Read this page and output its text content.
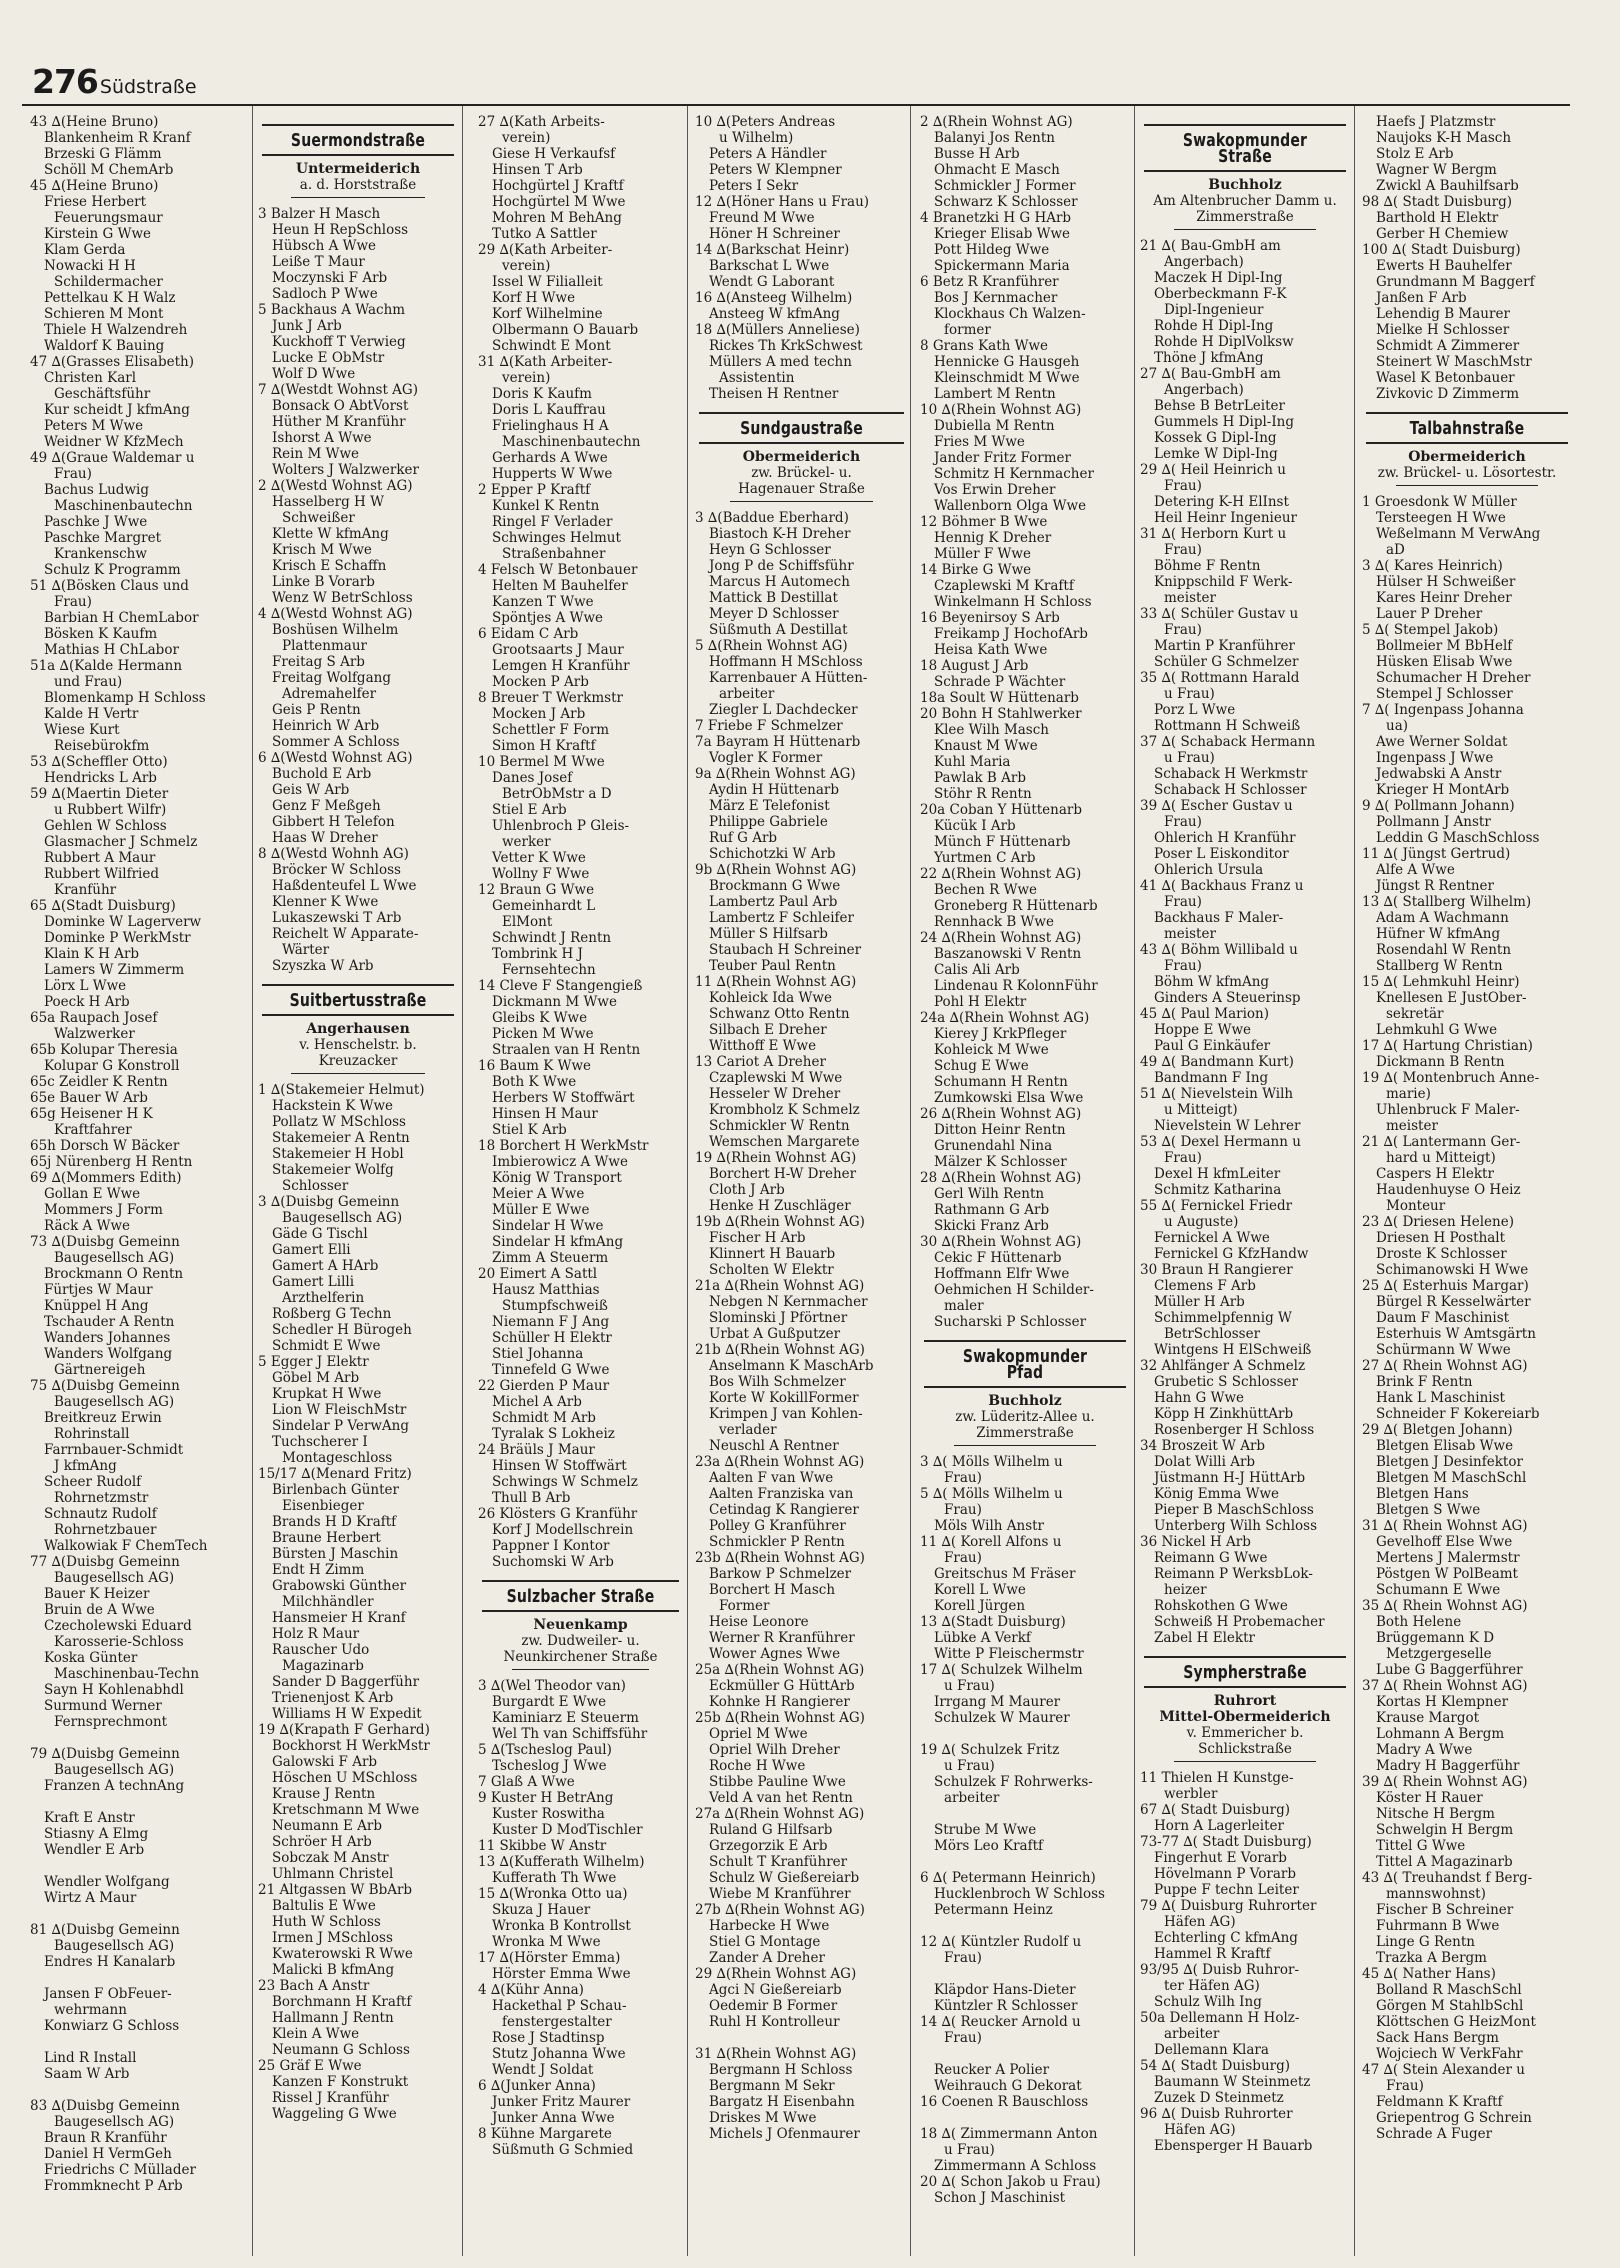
276 Südstraße
43 ∆(Heine Bruno)
Blankenheim R Kranf
Brzeski G Flämm
Schöll M ChemArb
45 ∆(Heine Bruno)
Friese Herbert
Feuerungsmaur
Kirstein G Wwe
Klam Gerda
Nowacki H H
Schildermacher
Pettelkau K H Walz
Schieren M Mont
Thiele H Walzendreh
Waldorf K Bauing
47 ∆(Grasses Elisabeth)
Christen Karl
Geschäftsführ
Kur scheidt J kfmAng
Peters M Wwe
Weidner W KfzMech
49 ∆(Graue Waldemar u
Frau)
Bachus Ludwig
Maschinenbautechn
Paschke J Wwe
Paschke Margret
Krankenschw
Schulz K Programm
51 ∆(Bösken Claus und
Frau)
Barbian H ChemLabor
Bösken K Kaufm
Mathias H ChLabor
51a ∆(Kalde Hermann
und Frau)
Blomenkamp H Schloss
Kalde H Vertr
Wiese Kurt
Reisebürokfm
53 ∆(Scheffler Otto)
Hendricks L Arb
59 ∆(Maertin Dieter
u Rubbert Wilfr)
Gehlen W Schloss
Glasmacher J Schmelz
Rubbert A Maur
Rubbert Wilfried
Kranführ
65 ∆(Stadt Duisburg)
Dominke W Lagerverw
Dominke P WerkMstr
Klain K H Arb
Lamers W Zimmerm
Lörx L Wwe
Poeck H Arb
65a Raupach Josef
Walzwerker
65b Kolupar Theresia
Kolupar G Konstroll
65c Zeidler K Rentn
65e Bauer W Arb
65g Heisener H K
Kraftfahrer
65h Dorsch W Bäcker
65j Nürenberg H Rentn
69 ∆(Mommers Edith)
Gollan E Wwe
Mommers J Form
Räck A Wwe
73 ∆(Duisbg Gemeinn
Baugesellsch AG)
Brockmann O Rentn
Fürtjes W Maur
Knüppel H Ang
Tschauder A Rentn
Wanders Johannes
Wanders Wolfgang
Gärtnereigeh
75 ∆(Duisbg Gemeinn
Baugesellsch AG)
Breitkreuz Erwin
Rohrinstall
Farrnbauer-Schmidt
J kfmAng
Scheer Rudolf
Rohrnetzmstr
Schnautz Rudolf
Rohrnetzbauer
Walkowiak F ChemTech
77 ∆(Duisbg Gemeinn
Baugesellsch AG)
Bauer K Heizer
Bruin de A Wwe
Czecholewski Eduard
Karosserie-Schloss
Koska Günter
Maschinenbau-Techn
Sayn H Kohlenabhdl
Surmund Werner
Fernsprechmont

79 ∆(Duisbg Gemeinn
Baugesellsch AG)
Franzen A technAng

Kraft E Anstr
Stiasny A Elmg
Wendler E Arb

Wendler Wolfgang
Wirtz A Maur

81 ∆(Duisbg Gemeinn
Baugesellsch AG)
Endres H Kanalarb

Jansen F ObFeuer-
wehrmann
Konwiarz G Schloss

Lind R Install
Saam W Arb

83 ∆(Duisbg Gemeinn
Baugesellsch AG)
Braun R Kranführ
Daniel H VermGeh
Friedrichs C Müllader
Frommknecht P Arb
Suermondstraße
Untermeiderich
a. d. Horststraße
3 Balzer H Masch
Heun H RepSchloss
Hübsch A Wwe
Leiße T Maur
Moczynski F Arb
Sadloch P Wwe
5 Backhaus A Wachm
Junk J Arb
Kuckhoff T Verwieg
Lucke E ObMstr
Wolf D Wwe
7 ∆(Westdt Wohnst AG)
Bonsack O AbtVorst
Hüther M Kranführ
Ishorst A Wwe
Rein M Wwe
Wolters J Walzwerker
2 ∆(Westd Wohnst AG)
Hasselberg H W
Schweißer
Klette W kfmAng
Krisch M Wwe
Krisch E Schaffn
Linke B Vorarb
Wenz W BetrSchloss
4 ∆(Westd Wohnst AG)
Boshüsen Wilhelm
Plattenmaur
Freitag S Arb
Freitag Wolfgang
Adremahelfer
Geis P Rentn
Heinrich W Arb
Sommer A Schloss
6 ∆(Westd Wohnst AG)
Buchold E Arb
Geis W Arb
Genz F Meßgeh
Gibbert H Telefon
Haas W Dreher
8 ∆(Westd Wohnh AG)
Bröcker W Schloss
Haßdenteufel L Wwe
Klenner K Wwe
Lukaszewski T Arb
Reichelt W Apparate-
Wärter
Szyszka W Arb
Suitbertusstraße
Angerhausen
v. Henschelstr. b.
Kreuzacker
1 ∆(Stakemeier Helmut)
Hackstein K Wwe
Pollatz W MSchloss
Stakemeier A Rentn
Stakemeier H Hobl
Stakemeier Wolfg
Schlosser
3 ∆(Duisbg Gemeinn
Baugesellsch AG)
Gäde G Tischl
Gamert Elli
Gamert A HArb
Gamert Lilli
Arzthelferin
Roßberg G Techn
Schedler H Bürogeh
Schmidt E Wwe
5 Egger J Elektr
Göbel M Arb
Krupkat H Wwe
Lion W FleischMstr
Sindelar P VerwAng
Tuchscherer I
Montageschloss
15/17 ∆(Menard Fritz)
Birlenbach Günter
Eisenbieger
Brands H D Kraftf
Braune Herbert
Bürsten J Maschin
Endt H Zimm
Grabowski Günther
Milchhändler
Hansmeier H Kranf
Holz R Maur
Rauscher Udo
Magazinarb
Sander D Baggerführ
Trienenjost K Arb
Williams H W Expedit
19 ∆(Krapath F Gerhard)
Bockhorst H WerkMstr
Galowski F Arb
Höschen U MSchloss
Krause J Rentn
Kretschmann M Wwe
Neumann E Arb
Schröer H Arb
Sobczak M Anstr
Uhlmann Christel
21 Altgassen W BbArb
Baltulis E Wwe
Huth W Schloss
Irmen J MSchloss
Kwaterowski R Wwe
Malicki B kfmAng
23 Bach A Anstr
Borchmann H Kraftf
Hallmann J Rentn
Klein A Wwe
Neumann G Schloss
25 Gräf E Wwe
Kanzen F Konstrukt
Rissel J Kranführ
Waggeling G Wwe
27 ∆(Kath Arbeits-
verein)
Giese H Verkaufsf
Hinsen T Arb
Hochgürtel J Kraftf
Hochgürtel M Wwe
Mohren M BehAng
Tutko A Sattler
29 ∆(Kath Arbeiter-
verein)
Issel W Filialleit
Korf H Wwe
Korf Wilhelmine
Olbermann O Bauarb
Schwindt E Mont
31 ∆(Kath Arbeiter-
verein)
Doris K Kaufm
Doris L Kauffrau
Frielinghaus H A
Maschinenbautechn
Gerhards A Wwe
Hupperts W Wwe
2 Epper P Kraftf
Kunkel K Rentn
Ringel F Verlader
Schwinges Helmut
Straßenbahner
4 Felsch W Betonbauer
Helten M Bauhelfer
Kanzen T Wwe
Spöntjes A Wwe
6 Eidam C Arb
Grootsaarts J Maur
Lemgen H Kranführ
Mocken P Arb
8 Breuer T Werkmstr
Mocken J Arb
Schettler F Form
Simon H Kraftf
10 Bermel M Wwe
Danes Josef
BetrObMstr a D
Stiel E Arb
Uhlenbroch P Gleis-
werker
Vetter K Wwe
Wollny F Wwe
12 Braun G Wwe
Gemeinhardt L
ElMont
Schwindt J Rentn
Tombrink H J
Fernsehtechn
14 Cleve F Stangengieß
Dickmann M Wwe
Gleibs K Wwe
Picken M Wwe
Straalen van H Rentn
16 Baum K Wwe
Both K Wwe
Herbers W Stoffwärt
Hinsen H Maur
Stiel K Arb
18 Borchert H WerkMstr
Imbierowicz A Wwe
König W Transport
Meier A Wwe
Müller E Wwe
Sindelar H Wwe
Sindelar H kfmAng
Zimm A Steuerm
20 Eimert A Sattl
Hausz Matthias
Stumpfschweiß
Niemann F J Ang
Schüller H Elektr
Stiel Johanna
Tinnefeld G Wwe
22 Gierden P Maur
Michel A Arb
Schmidt M Arb
Tyralak S Lokheiz
24 Bräüls J Maur
Hinsen W Stoffwärt
Schwings W Schmelz
Thull B Arb
26 Klösters G Kranführ
Korf J Modellschrein
Pappner I Kontor
Suchomski W Arb
Sulzbacher Straße
Neuenkamp
zw. Dudweiler- u.
Neunkirchener Straße
3 ∆(Wel Theodor van)
Burgardt E Wwe
Kaminiarz E Steuerm
Wel Th van Schiffsführ
5 ∆(Tscheslog Paul)
Tscheslog J Wwe
7 Glaß A Wwe
9 Kuster H BetrAng
Kuster Roswitha
Kuster D ModTischler
11 Skibbe W Anstr
13 ∆(Kufferath Wilhelm)
Kufferath Th Wwe
15 ∆(Wronka Otto ua)
Skuza J Hauer
Wronka B Kontrollst
Wronka M Wwe
17 ∆(Hörster Emma)
Hörster Emma Wwe
4 ∆(Kühr Anna)
Hackethal P Schau-
fenstergestalter
Rose J Stadtinsp
Stutz Johanna Wwe
Wendt J Soldat
6 ∆(Junker Anna)
Junker Fritz Maurer
Junker Anna Wwe
8 Kühne Margarete
Süßmuth G Schmied
10 ∆(Peters Andreas
u Wilhelm)
Peters A Händler
Peters W Klempner
Peters I Sekr
12 ∆(Höner Hans u Frau)
Freund M Wwe
Höner H Schreiner
14 ∆(Barkschat Heinr)
Barkschat L Wwe
Wendt G Laborant
16 ∆(Ansteeg Wilhelm)
Ansteeg W kfmAng
18 ∆(Müllers Anneliese)
Rickes Th KrkSchwest
Müllers A med techn
Assistentin
Theisen H Rentner
Sundgaustraße
Obermeiderich
zw. Brückel- u.
Hagenauer Straße
3 ∆(Baddue Eberhard)
Biastoch K-H Dreher
Heyn G Schlosser
Jong P de Schiffsführ
Marcus H Automech
Mattick B Destillat
Meyer D Schlosser
Süßmuth A Destillat
5 ∆(Rhein Wohnst AG)
Hoffmann H MSchloss
Karrenbauer A Hütten-
arbeiter
Ziegler L Dachdecker
7 Friebe F Schmelzer
7a Bayram H Hüttenarb
Vogler K Former
9a ∆(Rhein Wohnst AG)
Aydin H Hüttenarb
März E Telefonist
Philippe Gabriele
Ruf G Arb
Schichotzki W Arb
9b ∆(Rhein Wohnst AG)
Brockmann G Wwe
Lambertz Paul Arb
Lambertz F Schleifer
Müller S Hilfsarb
Staubach H Schreiner
Teuber Paul Rentn
11 ∆(Rhein Wohnst AG)
Kohleick Ida Wwe
Schwanz Otto Rentn
Silbach E Dreher
Witthoff E Wwe
13 Cariot A Dreher
Czaplewski M Wwe
Hesseler W Dreher
Krombholz K Schmelz
Schmickler W Rentn
Wemschen Margarete
19 ∆(Rhein Wohnst AG)
Borchert H-W Dreher
Cloth J Arb
Henke H Zuschläger
19b ∆(Rhein Wohnst AG)
Fischer H Arb
Klinnert H Bauarb
Scholten W Elektr
21a ∆(Rhein Wohnst AG)
Nebgen N Kernmacher
Slominski J Pförtner
Urbat A Gußputzer
21b ∆(Rhein Wohnst AG)
Anselmann K MaschArb
Bos Wilh Schmelzer
Korte W KokillFormer
Krimpen J van Kohlen-
verlader
Neuschl A Rentner
23a ∆(Rhein Wohnst AG)
Aalten F van Wwe
Aalten Franziska van
Cetindag K Rangierer
Polley G Kranführer
Schmickler P Rentn
23b ∆(Rhein Wohnst AG)
Barkow P Schmelzer
Borchert H Masch
Former
Heise Leonore
Werner R Kranführer
Wower Agnes Wwe
25a ∆(Rhein Wohnst AG)
Eckmüller G HüttArb
Kohnke H Rangierer
25b ∆(Rhein Wohnst AG)
Opriel M Wwe
Opriel Wilh Dreher
Roche H Wwe
Stibbe Pauline Wwe
Veld A van het Rentn
27a ∆(Rhein Wohnst AG)
Ruland G Hilfsarb
Grzegorzik E Arb
Schult T Kranführer
Schulz W Gießereiarb
Wiebe M Kranführer
27b ∆(Rhein Wohnst AG)
Harbecke H Wwe
Stiel G Montage
Zander A Dreher
29 ∆(Rhein Wohnst AG)
Agci N Gießereiarb
Oedemir B Former
Ruhl H Kontrolleur

31 ∆(Rhein Wohnst AG)
Bergmann H Schloss
Bergmann M Sekr
Bargatz H Eisenbahn
Driskes M Wwe
Michels J Ofenmaurer
2 ∆(Rhein Wohnst AG)
Balanyi Jos Rentn
Busse H Arb
Ohmacht E Masch
Schmickler J Former
Schwarz K Schlosser
4 Branetzki H G HArb
Krieger Elisab Wwe
Pott Hildeg Wwe
Spickermann Maria
6 Betz R Kranführer
Bos J Kernmacher
Klockhaus Ch Walzen-
former
8 Grans Kath Wwe
Hennicke G Hausgeh
Kleinschmidt M Wwe
Lambert M Rentn
10 ∆(Rhein Wohnst AG)
Dubiella M Rentn
Fries M Wwe
Jander Fritz Former
Schmitz H Kernmacher
Vos Erwin Dreher
Wallenborn Olga Wwe
12 Böhmer B Wwe
Hennig K Dreher
Müller F Wwe
14 Birke G Wwe
Czaplewski M Kraftf
Winkelmann H Schloss
16 Beyenirsoy S Arb
Freikamp J HochofArb
Heisa Kath Wwe
18 August J Arb
Schrade P Wächter
18a Soult W Hüttenarb
20 Bohn H Stahlwerker
Klee Wilh Masch
Knaust M Wwe
Kuhl Maria
Pawlak B Arb
Stöhr R Rentn
20a Coban Y Hüttenarb
Kücük I Arb
Münch F Hüttenarb
Yurtmen C Arb
22 ∆(Rhein Wohnst AG)
Bechen R Wwe
Groneberg R Hüttenarb
Rennhack B Wwe
24 ∆(Rhein Wohnst AG)
Baszanowski V Rentn
Calis Ali Arb
Lindenau R KolonnFühr
Pohl H Elektr
24a ∆(Rhein Wohnst AG)
Kierey J KrkPfleger
Kohleick M Wwe
Schug E Wwe
Schumann H Rentn
Zumkowski Elsa Wwe
26 ∆(Rhein Wohnst AG)
Ditton Heinr Rentn
Grunendahl Nina
Mälzer K Schlosser
28 ∆(Rhein Wohnst AG)
Gerl Wilh Rentn
Rathmann G Arb
Skicki Franz Arb
30 ∆(Rhein Wohnst AG)
Cekic F Hüttenarb
Hoffmann Elfr Wwe
Oehmichen H Schilder-
maler
Sucharski P Schlosser
Swakopmunder Pfad
Buchholz
zw. Lüderitz-Allee u.
Zimmerstraße
3 ∆( Mölls Wilhelm u
Frau)
5 ∆( Mölls Wilhelm u
Frau)
Möls Wilh Anstr
11 ∆( Korell Alfons u
Frau)
Greitschus M Fräser
Korell L Wwe
Korell Jürgen
13 ∆(Stadt Duisburg)
Lübke A Verkf
Witte P Fleischermstr
17 ∆( Schulzek Wilhelm
u Frau)
Irrgang M Maurer
Schulzek W Maurer

19 ∆( Schulzek Fritz
u Frau)
Schulzek F Rohrwerks-
arbeiter

Strube M Wwe
Mörs Leo Kraftf

6 ∆( Petermann Heinrich)
Hucklenbroch W Schloss
Petermann Heinz

12 ∆( Küntzler Rudolf u
Frau)

Kläpdor Hans-Dieter
Küntzler R Schlosser
14 ∆( Reucker Arnold u
Frau)

Reucker A Polier
Weihrauch G Dekorat
16 Coenen R Bauschloss

18 ∆( Zimmermann Anton
u Frau)
Zimmermann A Schloss
20 ∆( Schon Jakob u Frau)
Schon J Maschinist
Swakopmunder Straße
Buchholz
Am Altenbrucher Damm u.
Zimmerstraße
21 ∆( Bau-GmbH am
Angerbach)
Maczek H Dipl-Ing
Oberbeckmann F-K
Dipl-Ingenieur
Rohde H Dipl-Ing
Rohde H DiplVolksw
Thöne J kfmAng
27 ∆( Bau-GmbH am
Angerbach)
Behse B BetrLeiter
Gummels H Dipl-Ing
Kossek G Dipl-Ing
Lemke W Dipl-Ing
29 ∆( Heil Heinrich u
Frau)
Detering K-H ElInst
Heil Heinr Ingenieur
31 ∆( Herborn Kurt u
Frau)
Böhme F Rentn
Knippschild F Werk-
meister
33 ∆( Schüler Gustav u
Frau)
Martin P Kranführer
Schüler G Schmelzer
35 ∆( Rottmann Harald
u Frau)
Porz L Wwe
Rottmann H Schweiß
37 ∆( Schaback Hermann
u Frau)
Schaback H Werkmstr
Schaback H Schlosser
39 ∆( Escher Gustav u
Frau)
Ohlerich H Kranführ
Poser L Eiskonditor
Ohlerich Ursula
41 ∆( Backhaus Franz u
Frau)
Backhaus F Maler-
meister
43 ∆( Böhm Willibald u
Frau)
Böhm W kfmAng
Ginders A Steuerinsp
45 ∆( Paul Marion)
Hoppe E Wwe
Paul G Einkäufer
49 ∆( Bandmann Kurt)
Bandmann F Ing
51 ∆( Nievelstein Wilh
u Mitteigt)
Nievelstein W Lehrer
53 ∆( Dexel Hermann u
Frau)
Dexel H kfmLeiter
Schmitz Katharina
55 ∆( Fernickel Friedr
u Auguste)
Fernickel A Wwe
Fernickel G KfzHandw
30 Braun H Rangierer
Clemens F Arb
Müller H Arb
Schimmelpfennig W
BetrSchlosser
Wintgens H ElSchweiß
32 Ahlfänger A Schmelz
Grubetic S Schlosser
Hahn G Wwe
Köpp H ZinkhüttArb
Rosenberger H Schloss
34 Broszeit W Arb
Dolat Willi Arb
Jüstmann H-J HüttArb
König Emma Wwe
Pieper B MaschSchloss
Unterberg Wilh Schloss
36 Nickel H Arb
Reimann G Wwe
Reimann P WerksbLok-
heizer
Rohskothen G Wwe
Schweiß H Probemacher
Zabel H Elektr
Sympherstraße
Ruhrort
Mittel-Obermeiderich
v. Emmericher b.
Schlickstraße
11 Thielen H Kunstge-
werbler
67 ∆( Stadt Duisburg)
Horn A Lagerleiter
73-77 ∆( Stadt Duisburg)
Fingerhut E Vorarb
Hövelmann P Vorarb
Puppe F techn Leiter
79 ∆( Duisburg Ruhrorter
Häfen AG)
Echterling C kfmAng
Hammel R Kraftf
93/95 ∆( Duisb Ruhror-
ter Häfen AG)
Schulz Wilh Ing
50a Dellemann H Holz-
arbeiter
Dellemann Klara
54 ∆( Stadt Duisburg)
Baumann W Steinmetz
Zuzek D Steinmetz
96 ∆( Duisb Ruhrorter
Häfen AG)
Ebensperger H Bauarb
Haefs J Platzmstr
Naujoks K-H Masch
Stolz E Arb
Wagner W Bergm
Zwickl A Bauhilfsarb
98 ∆( Stadt Duisburg)
Barthold H Elektr
Gerber H Chemiew
100 ∆( Stadt Duisburg)
Ewerts H Bauhelfer
Grundmann M Baggerf
Janßen F Arb
Lehendig B Maurer
Mielke H Schlosser
Schmidt A Zimmerer
Steinert W MaschMstr
Wasel K Betonbauer
Zivkovic D Zimmerm
Talbahnstraße
Obermeiderich
zw. Brückel- u. Lösortestr.
1 Groesdonk W Müller
Tersteegen H Wwe
Weßelmann M VerwAng
aD
3 ∆( Kares Heinrich)
Hülser H Schweißer
Kares Heinr Dreher
Lauer P Dreher
5 ∆( Stempel Jakob)
Bollmeier M BbHelf
Hüsken Elisab Wwe
Schumacher H Dreher
Stempel J Schlosser
7 ∆( Ingenpass Johanna
ua)
Awe Werner Soldat
Ingenpass J Wwe
Jedwabski A Anstr
Krieger H MontArb
9 ∆( Pollmann Johann)
Pollmann J Anstr
Leddin G MaschSchloss
11 ∆( Jüngst Gertrud)
Alfe A Wwe
Jüngst R Rentner
13 ∆( Stallberg Wilhelm)
Adam A Wachmann
Hüfner W kfmAng
Rosendahl W Rentn
Stallberg W Rentn
15 ∆( Lehmkuhl Heinr)
Knellesen E JustOber-
sekretär
Lehmkuhl G Wwe
17 ∆( Hartung Christian)
Dickmann B Rentn
19 ∆( Montenbruch Anne-
marie)
Uhlenbruck F Maler-
meister
21 ∆( Lantermann Ger-
hard u Mitteigt)
Caspers H Elektr
Haudenhuyse O Heiz
Monteur
23 ∆( Driesen Helene)
Driesen H Posthalt
Droste K Schlosser
Schimanowski H Wwe
25 ∆( Esterhuis Margar)
Bürgel R Kesselwärter
Daum F Maschinist
Esterhuis W Amtsgärtn
Schürmann W Wwe
27 ∆( Rhein Wohnst AG)
Brink F Rentn
Hank L Maschinist
Schneider F Kokereiarb
29 ∆( Bletgen Johann)
Bletgen Elisab Wwe
Bletgen J Desinfektor
Bletgen M MaschSchl
Bletgen Hans
Bletgen S Wwe
31 ∆( Rhein Wohnst AG)
Gevelhoff Else Wwe
Mertens J Malermstr
Pöstgen W PolBeamt
Schumann E Wwe
35 ∆( Rhein Wohnst AG)
Both Helene
Brüggemann K D
Metzgergeselle
Lube G Baggerführer
37 ∆( Rhein Wohnst AG)
Kortas H Klempner
Krause Margot
Lohmann A Bergm
Madry A Wwe
Madry H Baggerführ
39 ∆( Rhein Wohnst AG)
Köster H Rauer
Nitsche H Bergm
Schwelgin H Bergm
Tittel G Wwe
Tittel A Magazinarb
43 ∆( Treuhandst f Berg-
mannswohnst)
Fischer B Schreiner
Fuhrmann B Wwe
Linge G Rentn
Trazka A Bergm
45 ∆( Nather Hans)
Bolland R MaschSchl
Görgen M StahlbSchl
Klöttschen G HeizMont
Sack Hans Bergm
Wojciech W VerkFahr
47 ∆( Stein Alexander u
Frau)
Feldmann K Kraftf
Griepentrog G Schrein
Schrade A Fuger
